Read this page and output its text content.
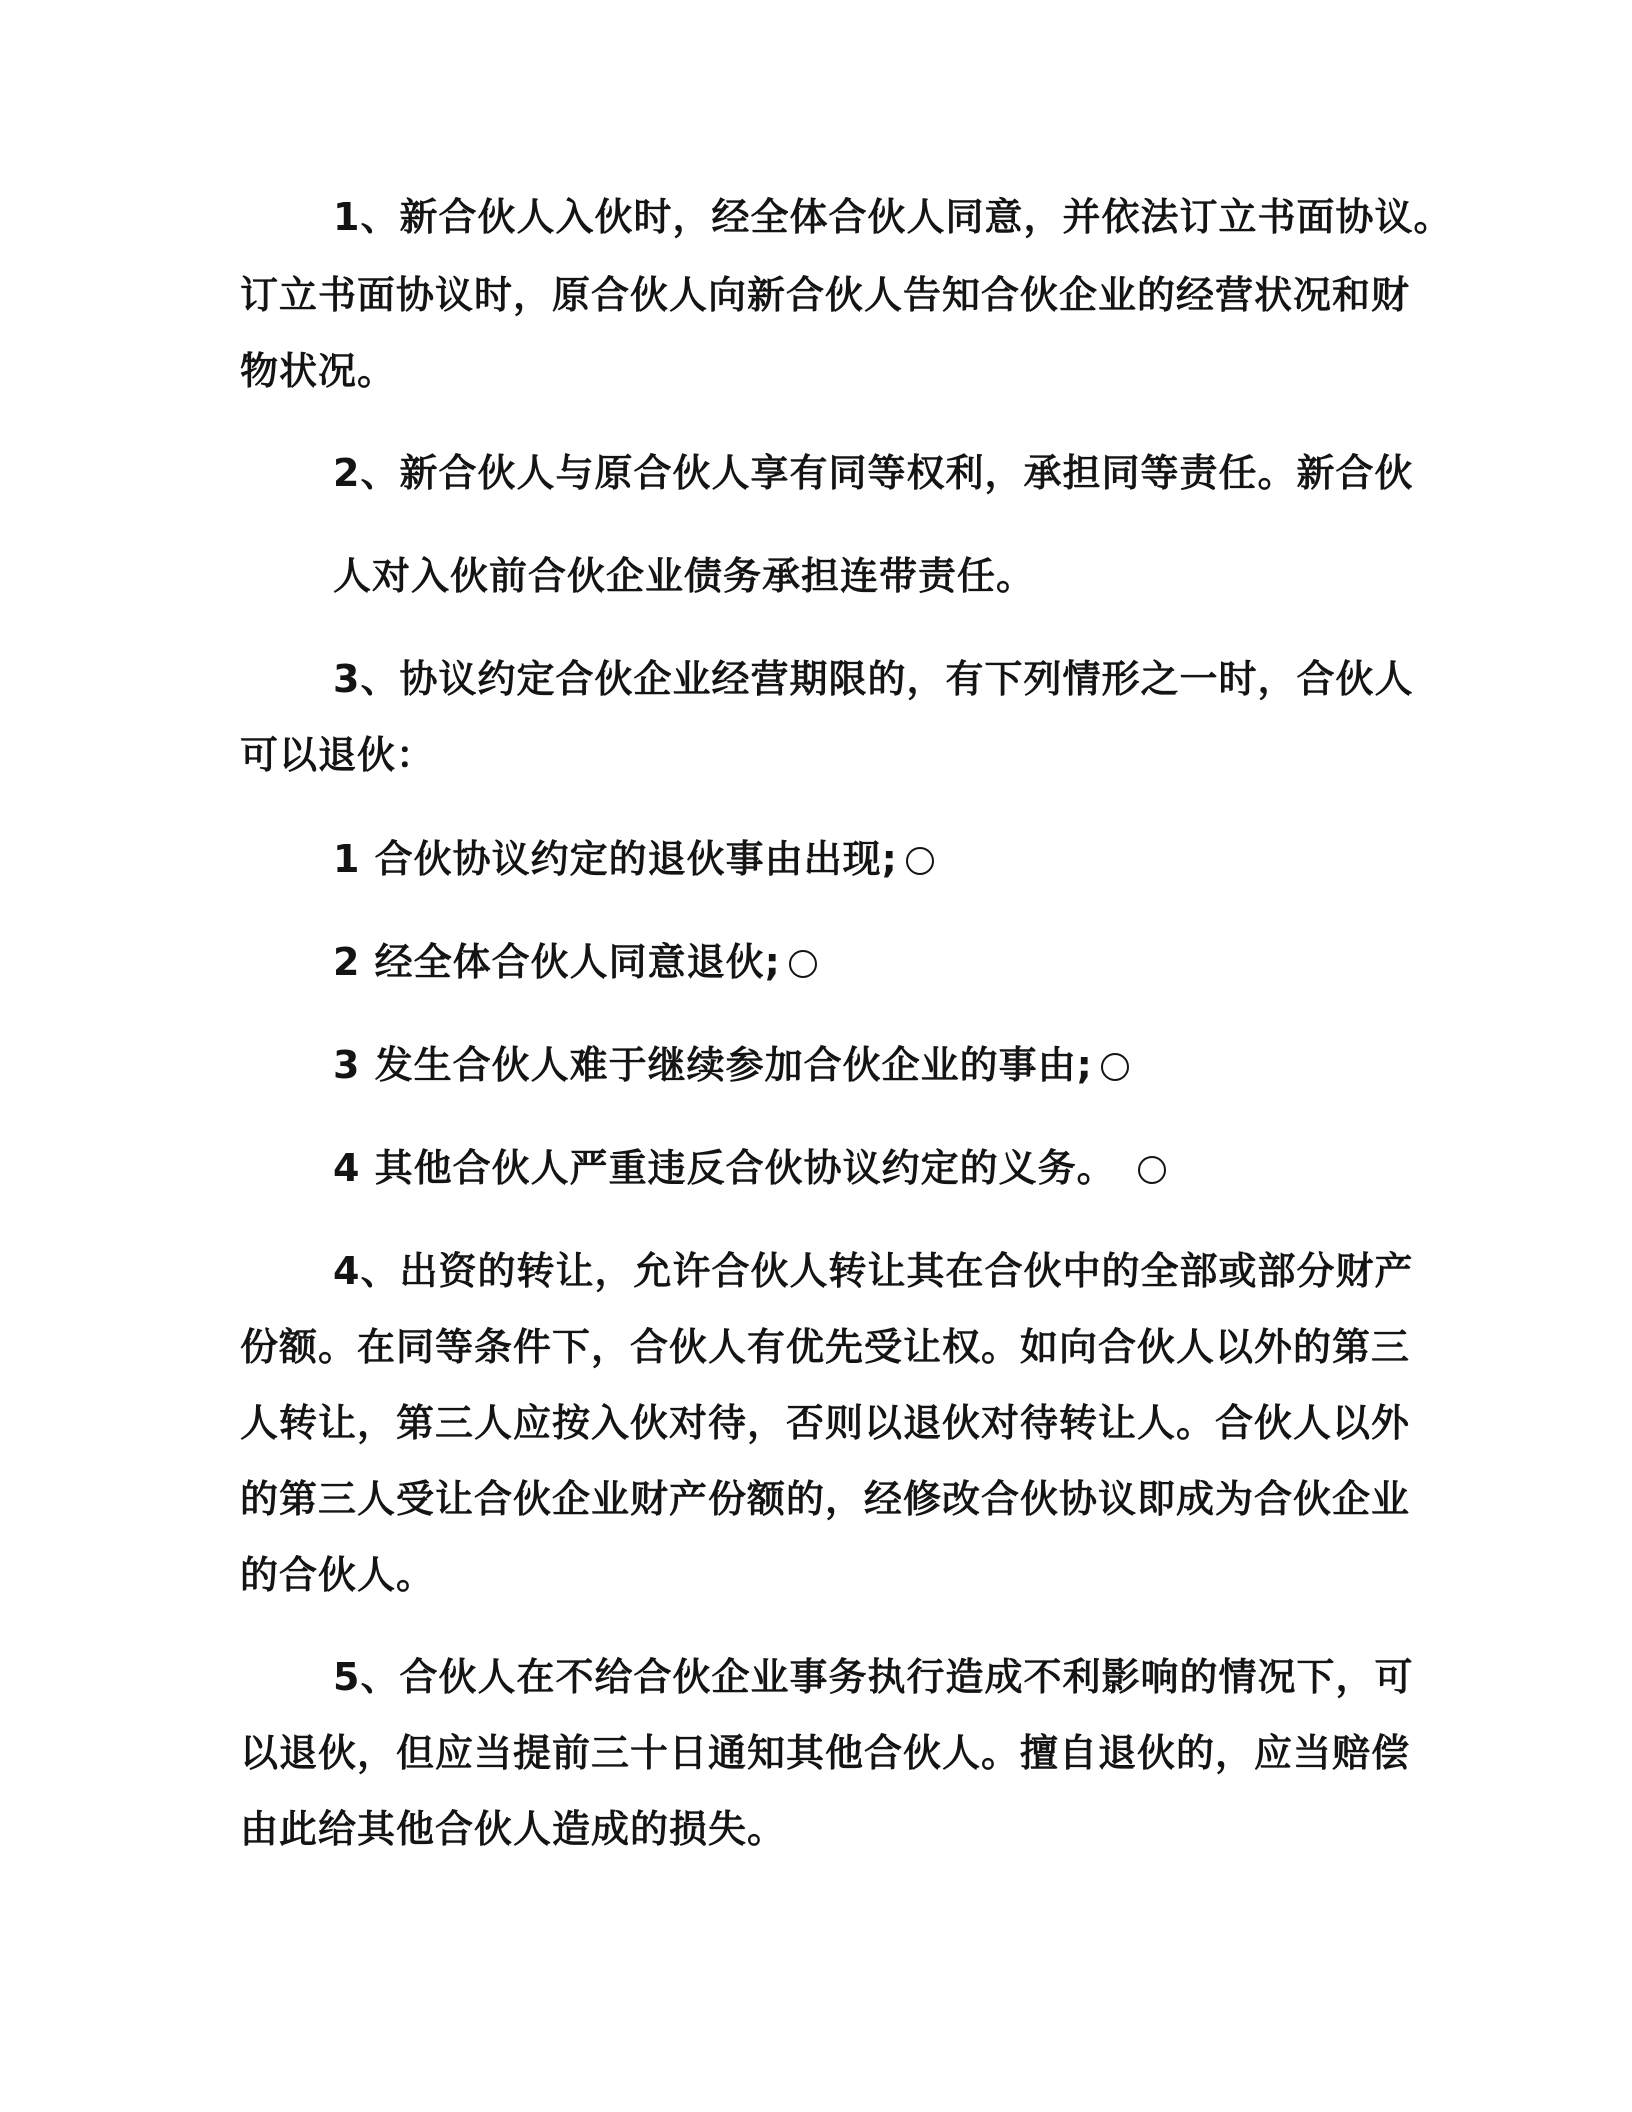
1、新合伙人入伙时，经全体合伙人同意，并依法订立书面协议。
订立书面协议时，原合伙人向新合伙人告知合伙企业的经营状况和财
物状况。
2、新合伙人与原合伙人享有同等权利，承担同等责任。新合伙
人对入伙前合伙企业债务承担连带责任。
3、协议约定合伙企业经营期限的，有下列情形之一时，合伙人
可以退伙：
1 合伙协议约定的退伙事由出现;
2 经全体合伙人同意退伙;
3 发生合伙人难于继续参加合伙企业的事由;
4 其他合伙人严重违反合伙协议约定的义务。
4、出资的转让，允许合伙人转让其在合伙中的全部或部分财产
份额。在同等条件下，合伙人有优先受让权。如向合伙人以外的第三
人转让，第三人应按入伙对待，否则以退伙对待转让人。合伙人以外
的第三人受让合伙企业财产份额的，经修改合伙协议即成为合伙企业
的合伙人。
5、合伙人在不给合伙企业事务执行造成不利影响的情况下，可
以退伙，但应当提前三十日通知其他合伙人。擅自退伙的，应当赔偿
由此给其他合伙人造成的损失。
